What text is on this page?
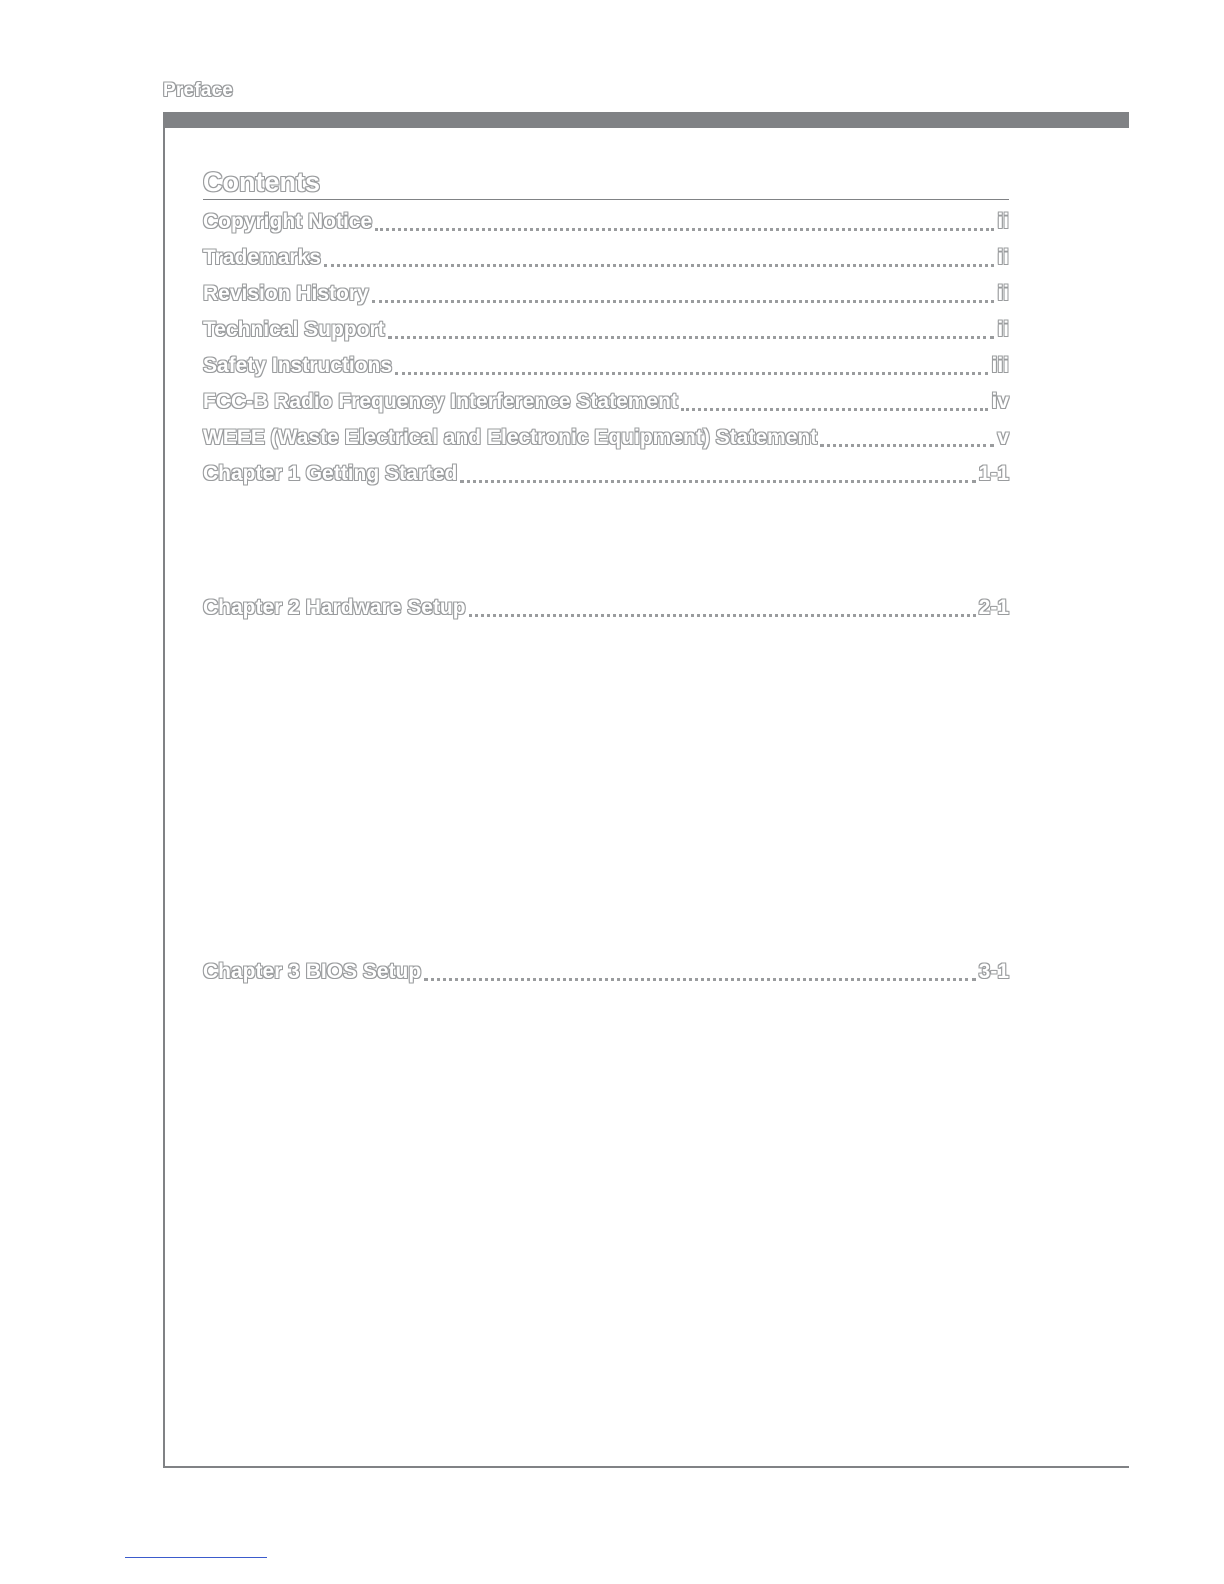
Preface
Contents
Copyright Notice	ii
Trademarks	ii
Revision History	ii
Technical Support	ii
Safety Instructions	iii
FCC-B Radio Frequency Interference Statement	iv
WEEE (Waste Electrical and Electronic Equipment) Statement	v
Chapter 1 Getting Started	1-1
Chapter 2 Hardware Setup	2-1
Chapter 3 BIOS Setup	3-1
